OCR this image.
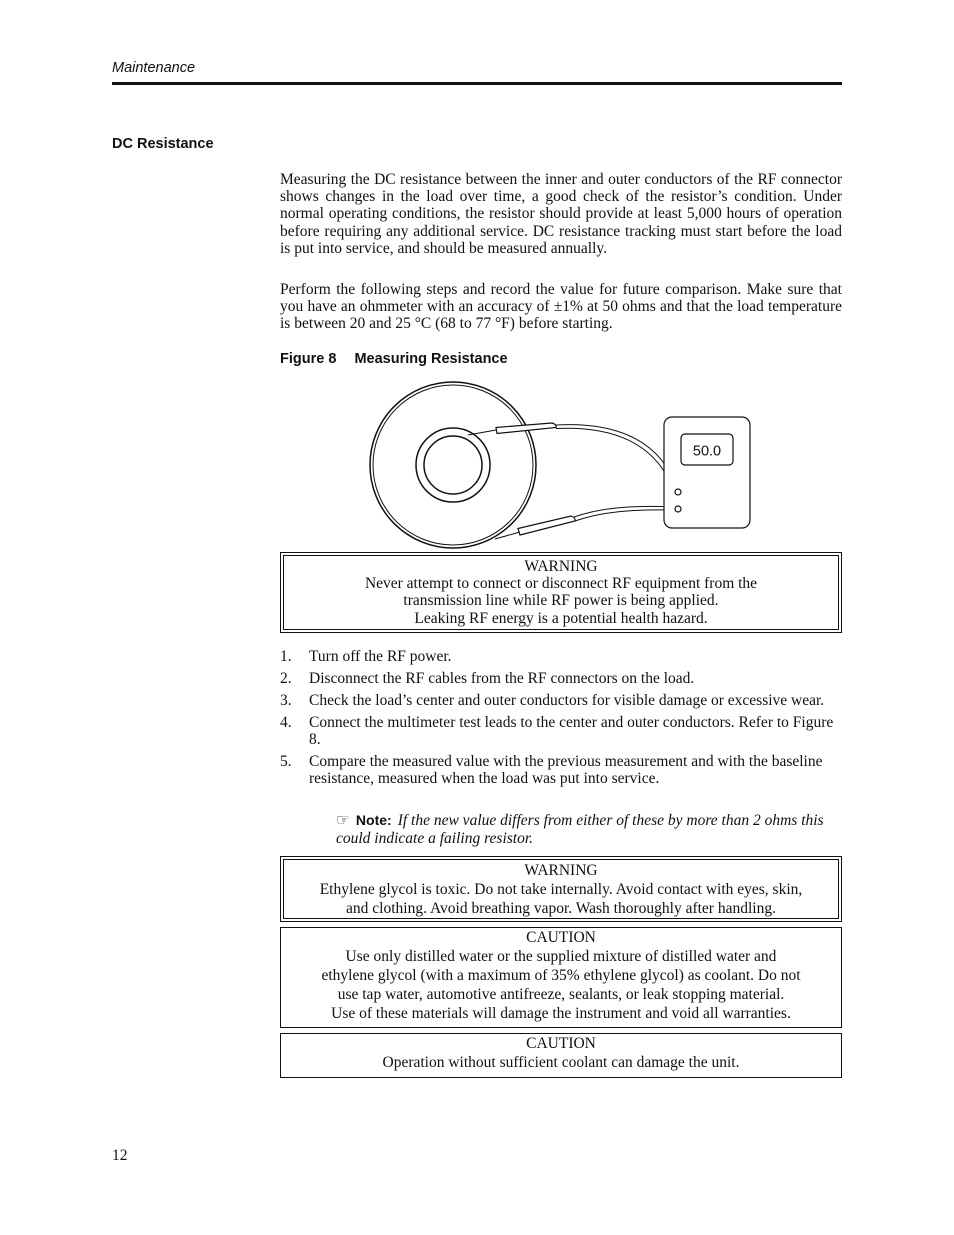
Maintenance
DC Resistance
Measuring the DC resistance between the inner and outer conductors of the RF connector shows changes in the load over time, a good check of the resistor’s condition. Under normal operating conditions, the resistor should provide at least 5,000 hours of operation before requiring any additional service. DC resistance tracking must start before the load is put into service, and should be measured annually.
Perform the following steps and record the value for future comparison. Make sure that you have an ohmmeter with an accuracy of ±1% at 50 ohms and that the load temperature is between 20 and 25 °C (68 to 77 °F) before starting.
Figure 8 Measuring Resistance
50.0
WARNING
Never attempt to connect or disconnect RF equipment from the
transmission line while RF power is being applied.
Leaking RF energy is a potential health hazard.
1. Turn off the RF power.
2. Disconnect the RF cables from the RF connectors on the load.
3. Check the load’s center and outer conductors for visible damage or excessive wear.
4. Connect the multimeter test leads to the center and outer conductors. Refer to Figure 8.
5. Compare the measured value with the previous measurement and with the baseline resistance, measured when the load was put into service.
☞ Note: If the new value differs from either of these by more than 2 ohms this could indicate a failing resistor.
WARNING
Ethylene glycol is toxic. Do not take internally. Avoid contact with eyes, skin,
and clothing. Avoid breathing vapor. Wash thoroughly after handling.
CAUTION
Use only distilled water or the supplied mixture of distilled water and
ethylene glycol (with a maximum of 35% ethylene glycol) as coolant. Do not
use tap water, automotive antifreeze, sealants, or leak stopping material.
Use of these materials will damage the instrument and void all warranties.
CAUTION
Operation without sufficient coolant can damage the unit.
12
